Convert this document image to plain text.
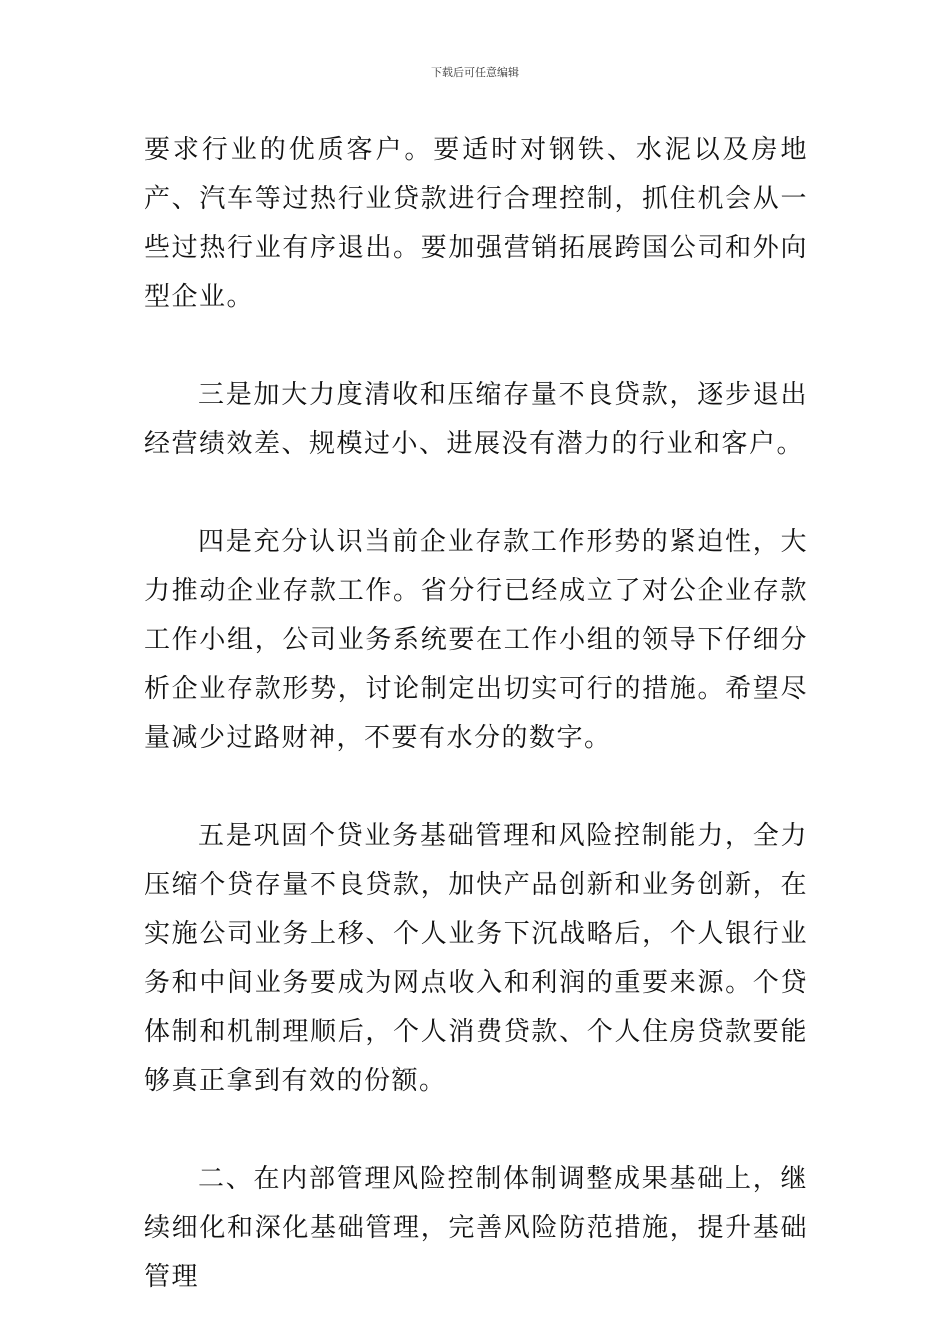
下载后可任意编辑

要求行业的优质客户。要适时对钢铁、水泥以及房地产、汽车等过热行业贷款进行合理控制，抓住机会从一些过热行业有序退出。要加强营销拓展跨国公司和外向型企业。

三是加大力度清收和压缩存量不良贷款，逐步退出经营绩效差、规模过小、进展没有潜力的行业和客户。

四是充分认识当前企业存款工作形势的紧迫性，大力推动企业存款工作。省分行已经成立了对公企业存款工作小组，公司业务系统要在工作小组的领导下仔细分析企业存款形势，讨论制定出切实可行的措施。希望尽量减少过路财神，不要有水分的数字。

五是巩固个贷业务基础管理和风险控制能力，全力压缩个贷存量不良贷款，加快产品创新和业务创新，在实施公司业务上移、个人业务下沉战略后，个人银行业务和中间业务要成为网点收入和利润的重要来源。个贷体制和机制理顺后，个人消费贷款、个人住房贷款要能够真正拿到有效的份额。

二、在内部管理风险控制体制调整成果基础上，继续细化和深化基础管理，完善风险防范措施，提升基础管理
